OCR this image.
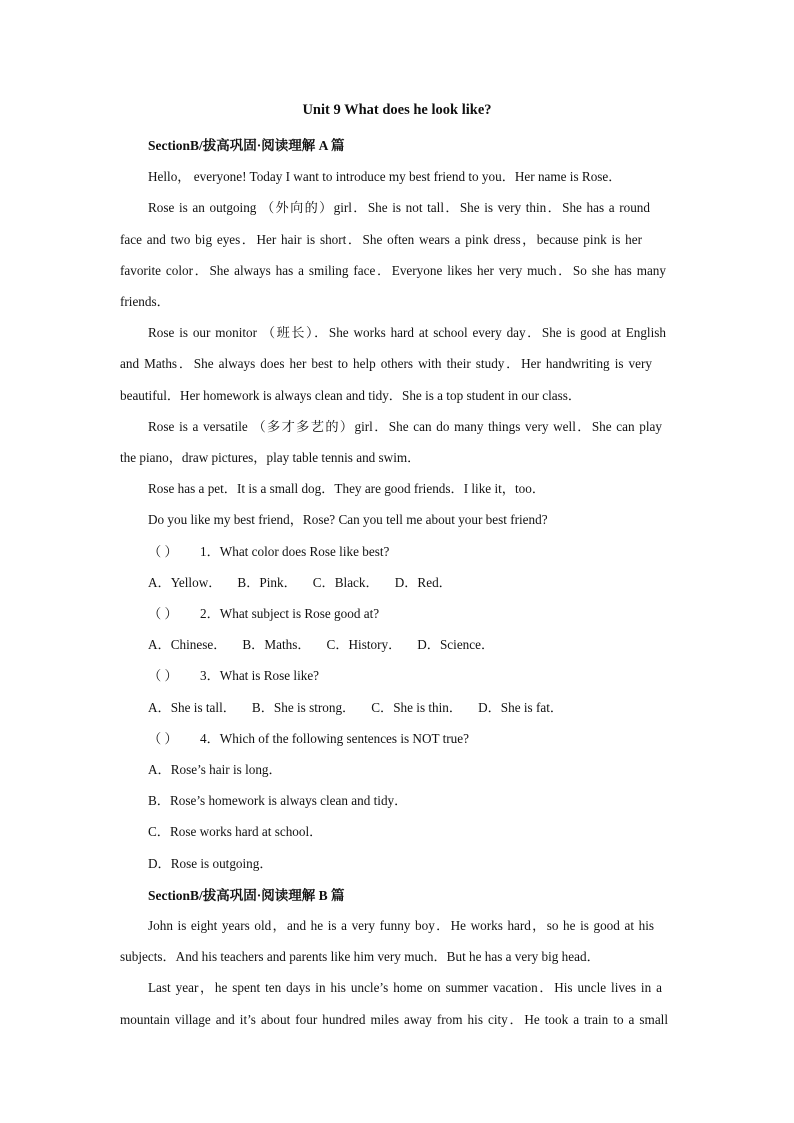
Unit 9 What does he look like?
SectionB/拔高巩固·阅读理解 A 篇
Hello， everyone! Today I want to introduce my best friend to you．Her name is Rose．
Rose is an outgoing （外向的）girl．She is not tall．She is very thin．She has a round
face and two big eyes．Her hair is short．She often wears a pink dress，because pink is her
favorite color．She always has a smiling face．Everyone likes her very much．So she has many
friends．
Rose is our monitor （班长）．She works hard at school every day．She is good at English
and Maths．She always does her best to help others with their study．Her handwriting is very
beautiful．Her homework is always clean and tidy．She is a top student in our class．
Rose is a versatile （多才多艺的）girl．She can do many things very well．She can play
the piano，draw pictures，play table tennis and swim．
Rose has a pet．It is a small dog．They are good friends．I like it，too．
Do you like my best friend，Rose? Can you tell me about your best friend?
（ ） 1．What color does Rose like best?
A．Yellow． B．Pink． C．Black． D．Red．
（ ） 2．What subject is Rose good at?
A．Chinese． B．Maths． C．History． D．Science．
（ ） 3．What is Rose like?
A．She is tall． B．She is strong． C．She is thin． D．She is fat．
（ ） 4．Which of the following sentences is NOT true?
A．Rose’s hair is long．
B．Rose’s homework is always clean and tidy．
C．Rose works hard at school．
D．Rose is outgoing．
SectionB/拔高巩固·阅读理解 B 篇
John is eight years old，and he is a very funny boy．He works hard，so he is good at his
subjects．And his teachers and parents like him very much．But he has a very big head．
Last year，he spent ten days in his uncle’s home on summer vacation．His uncle lives in a
mountain village and it’s about four hundred miles away from his city．He took a train to a small
